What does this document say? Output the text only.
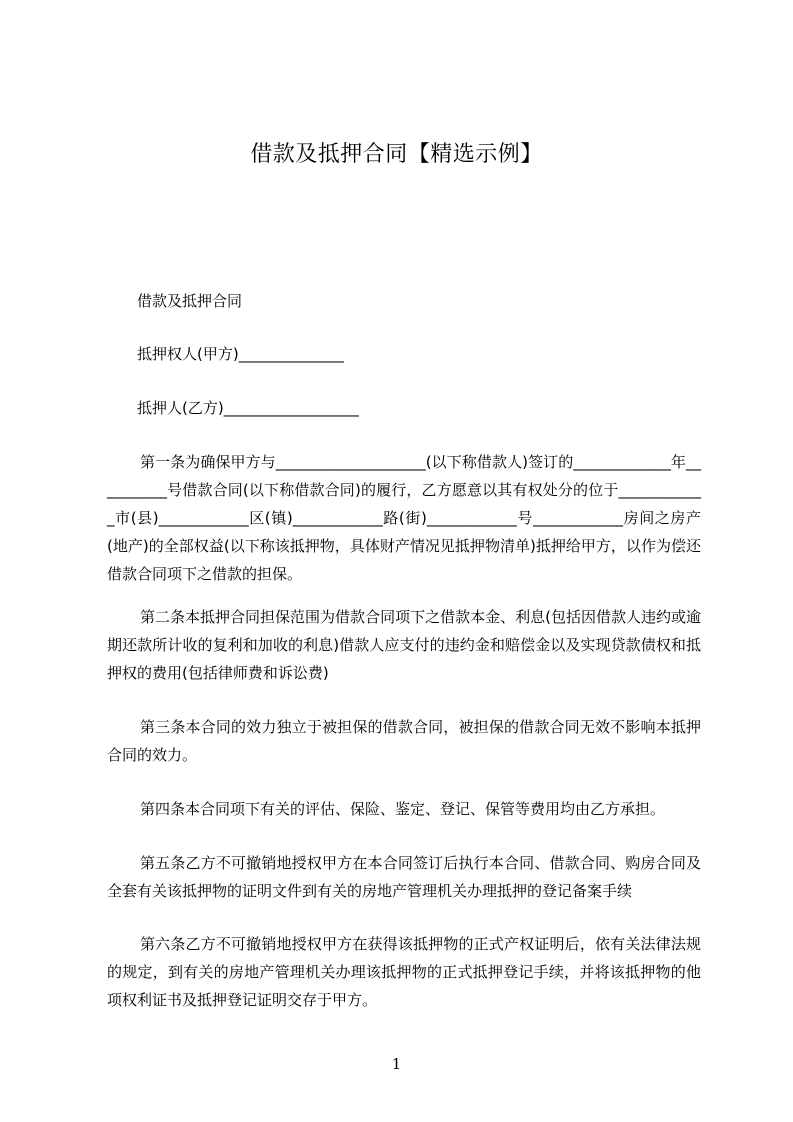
借款及抵押合同【精选示例】
借款及抵押合同
抵押权人(甲方)______________
抵押人(乙方)__________________
第一条为确保甲方与____________________(以下称借款人)签订的_____________年__________号借款合同(以下称借款合同)的履行，乙方愿意以其有权处分的位于____________市(县)____________区(镇)____________路(街)____________号____________房间之房产(地产)的全部权益(以下称该抵押物，具体财产情况见抵押物清单)抵押给甲方，以作为偿还借款合同项下之借款的担保。
第二条本抵押合同担保范围为借款合同项下之借款本金、利息(包括因借款人违约或逾期还款所计收的复利和加收的利息)借款人应支付的违约金和赔偿金以及实现贷款债权和抵押权的费用(包括律师费和诉讼费)
第三条本合同的效力独立于被担保的借款合同，被担保的借款合同无效不影响本抵押合同的效力。
第四条本合同项下有关的评估、保险、鉴定、登记、保管等费用均由乙方承担。
第五条乙方不可撤销地授权甲方在本合同签订后执行本合同、借款合同、购房合同及全套有关该抵押物的证明文件到有关的房地产管理机关办理抵押的登记备案手续
第六条乙方不可撤销地授权甲方在获得该抵押物的正式产权证明后，依有关法律法规的规定，到有关的房地产管理机关办理该抵押物的正式抵押登记手续，并将该抵押物的他项权利证书及抵押登记证明交存于甲方。
1
